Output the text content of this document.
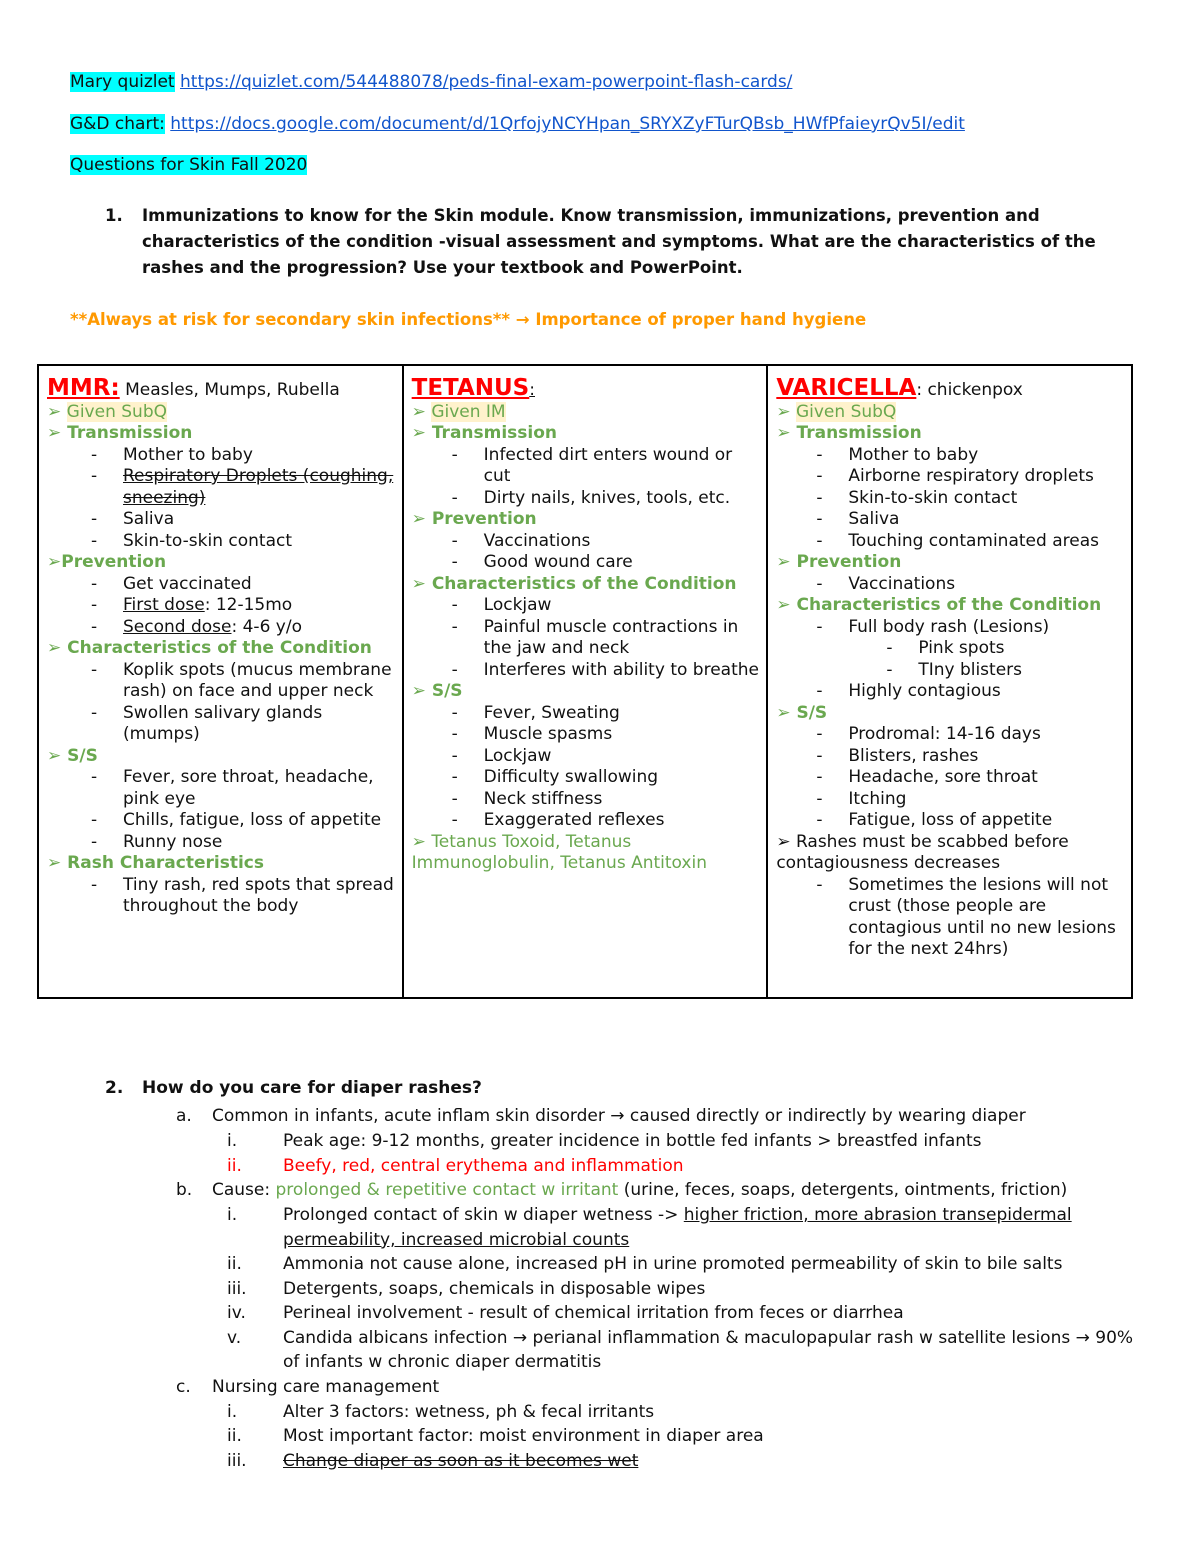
Mary quizlet https://quizlet.com/544488078/peds-final-exam-powerpoint-flash-cards/
G&D chart: https://docs.google.com/document/d/1QrfojyNCYHpan_SRYXZyFTurQBsb_HWfPfaieyrQv5I/edit
Questions for Skin Fall 2020
1. Immunizations to know for the Skin module. Know transmission, immunizations, prevention and characteristics of the condition -visual assessment and symptoms. What are the characteristics of the rashes and the progression? Use your textbook and PowerPoint.
**Always at risk for secondary skin infections** → Importance of proper hand hygiene
MMR: Measles, Mumps, Rubella
➢ Given SubQ
➢ Transmission
- Mother to baby
- Respiratory Droplets (coughing, sneezing)
- Saliva
- Skin-to-skin contact
➢Prevention
- Get vaccinated
- First dose: 12-15mo
- Second dose: 4-6 y/o
➢ Characteristics of the Condition
- Koplik spots (mucus membrane rash) on face and upper neck
- Swollen salivary glands (mumps)
➢ S/S
- Fever, sore throat, headache, pink eye
- Chills, fatigue, loss of appetite
- Runny nose
➢ Rash Characteristics
- Tiny rash, red spots that spread throughout the body

TETANUS:
➢ Given IM
➢ Transmission
- Infected dirt enters wound or cut
- Dirty nails, knives, tools, etc.
➢ Prevention
- Vaccinations
- Good wound care
➢ Characteristics of the Condition
- Lockjaw
- Painful muscle contractions in the jaw and neck
- Interferes with ability to breathe
➢ S/S
- Fever, Sweating
- Muscle spasms
- Lockjaw
- Difficulty swallowing
- Neck stiffness
- Exaggerated reflexes
➢ Tetanus Toxoid, Tetanus Immunoglobulin, Tetanus Antitoxin

VARICELLA: chickenpox
➢ Given SubQ
➢ Transmission
- Mother to baby
- Airborne respiratory droplets
- Skin-to-skin contact
- Saliva
- Touching contaminated areas
➢ Prevention
- Vaccinations
➢ Characteristics of the Condition
- Full body rash (Lesions)
- Pink spots
- TIny blisters
- Highly contagious
➢ S/S
- Prodromal: 14-16 days
- Blisters, rashes
- Headache, sore throat
- Itching
- Fatigue, loss of appetite
➢ Rashes must be scabbed before contagiousness decreases
- Sometimes the lesions will not crust (those people are contagious until no new lesions for the next 24hrs)
2. How do you care for diaper rashes?
a. Common in infants, acute inflam skin disorder → caused directly or indirectly by wearing diaper
i.	Peak age: 9-12 months, greater incidence in bottle fed infants > breastfed infants
ii.	Beefy, red, central erythema and inflammation
b. Cause: prolonged & repetitive contact w irritant (urine, feces, soaps, detergents, ointments, friction)
i.	Prolonged contact of skin w diaper wetness -> higher friction, more abrasion transepidermal permeability, increased microbial counts
ii.	Ammonia not cause alone, increased pH in urine promoted permeability of skin to bile salts
iii.	Detergents, soaps, chemicals in disposable wipes
iv.	Perineal involvement - result of chemical irritation from feces or diarrhea
v.	Candida albicans infection → perianal inflammation & maculopapular rash w satellite lesions → 90% of infants w chronic diaper dermatitis
c. Nursing care management
i.	Alter 3 factors: wetness, ph & fecal irritants
ii.	Most important factor: moist environment in diaper area
iii.	Change diaper as soon as it becomes wet
